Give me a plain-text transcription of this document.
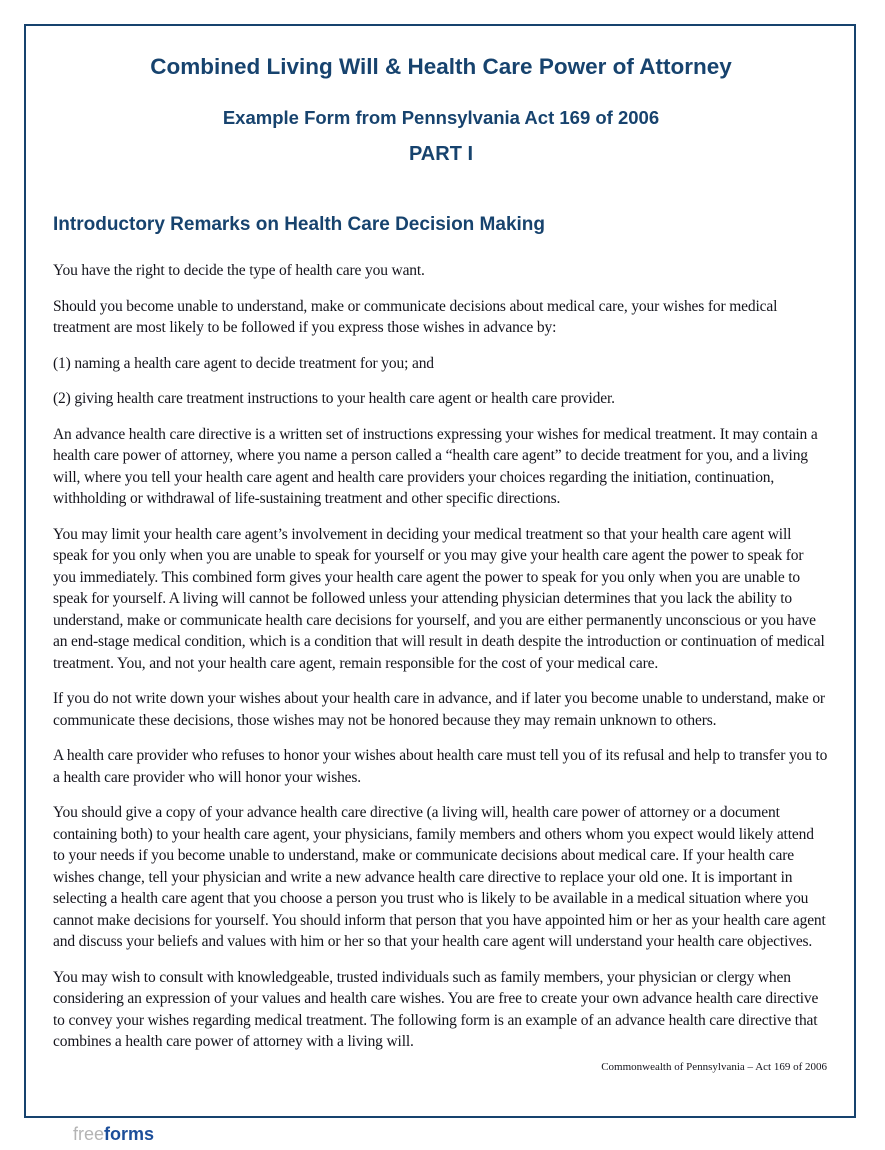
Combined Living Will & Health Care Power of Attorney
Example Form from Pennsylvania Act 169 of 2006
PART I
Introductory Remarks on Health Care Decision Making

You have the right to decide the type of health care you want.

Should you become unable to understand, make or communicate decisions about medical care, your wishes for medical treatment are most likely to be followed if you express those wishes in advance by:

(1) naming a health care agent to decide treatment for you; and

(2) giving health care treatment instructions to your health care agent or health care provider.

An advance health care directive is a written set of instructions expressing your wishes for medical treatment. It may contain a health care power of attorney, where you name a person called a “health care agent” to decide treatment for you, and a living will, where you tell your health care agent and health care providers your choices regarding the initiation, continuation, withholding or withdrawal of life-sustaining treatment and other specific directions.

You may limit your health care agent’s involvement in deciding your medical treatment so that your health care agent will speak for you only when you are unable to speak for yourself or you may give your health care agent the power to speak for you immediately. This combined form gives your health care agent the power to speak for you only when you are unable to speak for yourself. A living will cannot be followed unless your attending physician determines that you lack the ability to understand, make or communicate health care decisions for yourself, and you are either permanently unconscious or you have an end-stage medical condition, which is a condition that will result in death despite the introduction or continuation of medical treatment. You, and not your health care agent, remain responsible for the cost of your medical care.

If you do not write down your wishes about your health care in advance, and if later you become unable to understand, make or communicate these decisions, those wishes may not be honored because they may remain unknown to others.

A health care provider who refuses to honor your wishes about health care must tell you of its refusal and help to transfer you to a health care provider who will honor your wishes.

You should give a copy of your advance health care directive (a living will, health care power of attorney or a document containing both) to your health care agent, your physicians, family members and others whom you expect would likely attend to your needs if you become unable to understand, make or communicate decisions about medical care. If your health care wishes change, tell your physician and write a new advance health care directive to replace your old one. It is important in selecting a health care agent that you choose a person you trust who is likely to be available in a medical situation where you cannot make decisions for yourself. You should inform that person that you have appointed him or her as your health care agent and discuss your beliefs and values with him or her so that your health care agent will understand your health care objectives.

You may wish to consult with knowledgeable, trusted individuals such as family members, your physician or clergy when considering an expression of your values and health care wishes. You are free to create your own advance health care directive to convey your wishes regarding medical treatment. The following form is an example of an advance health care directive that combines a health care power of attorney with a living will.

Commonwealth of Pennsylvania – Act 169 of 2006
freeforms
